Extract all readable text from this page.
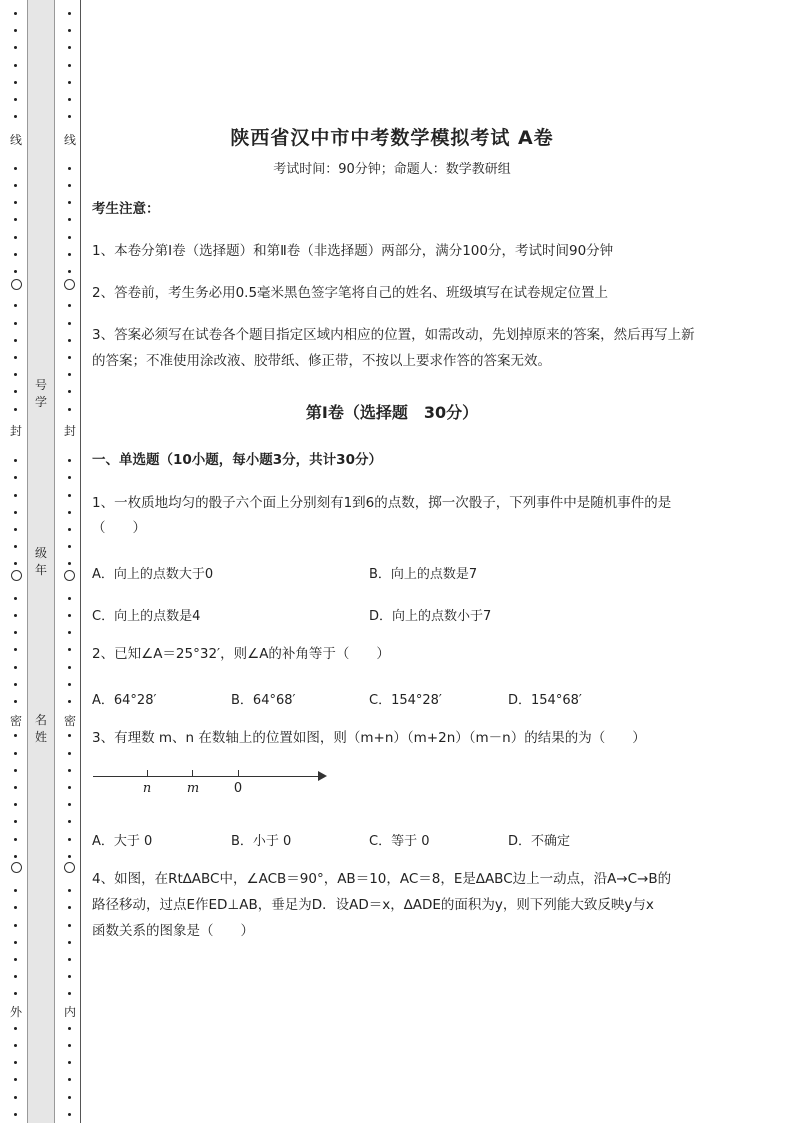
线
封
密
外
线
封
密
内
号学
级年
名姓
陕西省汉中市中考数学模拟考试 A卷
考试时间：90分钟；命题人：数学教研组
考生注意：
1、本卷分第Ⅰ卷（选择题）和第Ⅱ卷（非选择题）两部分，满分100分，考试时间90分钟
2、答卷前，考生务必用0.5毫米黑色签字笔将自己的姓名、班级填写在试卷规定位置上
3、答案必须写在试卷各个题目指定区域内相应的位置，如需改动，先划掉原来的答案，然后再写上新
的答案；不准使用涂改液、胶带纸、修正带，不按以上要求作答的答案无效。
第Ⅰ卷（选择题　30分）
一、单选题（10小题，每小题3分，共计30分）
1、一枚质地均匀的骰子六个面上分别刻有1到6的点数，掷一次骰子，下列事件中是随机事件的是
（　　）
A．向上的点数大于0	B．向上的点数是7
C．向上的点数是4	D．向上的点数小于7
2、已知∠A＝25°32′，则∠A的补角等于（　　）
A．64°28′	B．64°68′	C．154°28′	D．154°68′
3、有理数 m、n 在数轴上的位置如图，则（m+n）（m+2n）（m－n）的结果的为（　　）
n	m	0
A．大于 0	B．小于 0	C．等于 0	D．不确定
4、如图，在Rt∆ABC中，∠ACB＝90°，AB＝10，AC＝8，E是∆ABC边上一动点，沿A→C→B的
路径移动，过点E作ED⊥AB，垂足为D．设AD＝x，∆ADE的面积为y，则下列能大致反映y与x
函数关系的图象是（　　）
